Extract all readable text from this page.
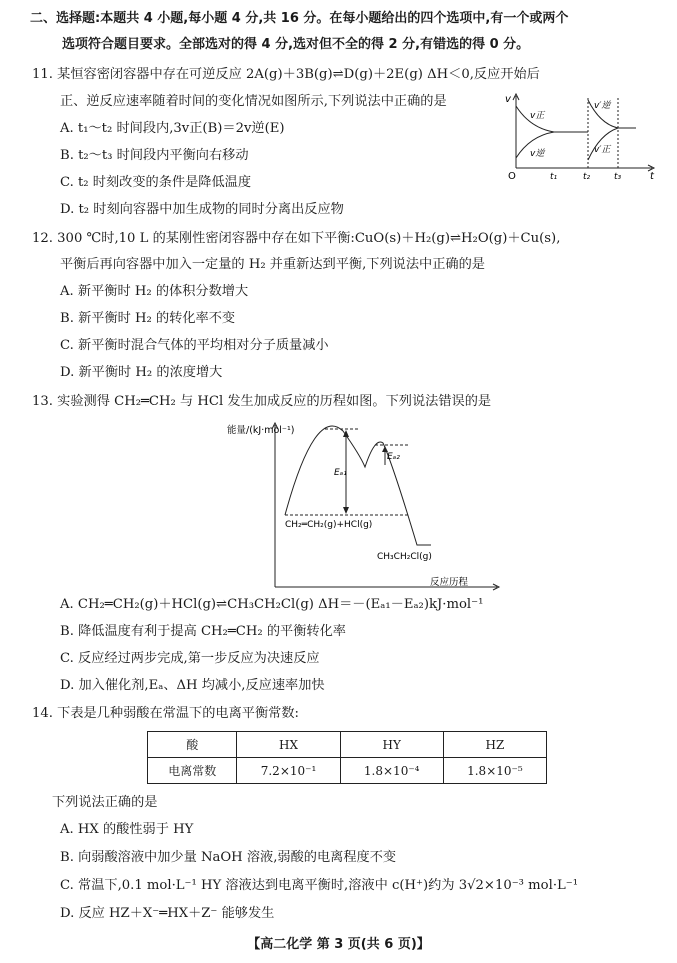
二、选择题:本题共 4 小题,每小题 4 分,共 16 分。在每小题给出的四个选项中,有一个或两个
选项符合题目要求。全部选对的得 4 分,选对但不全的得 2 分,有错选的得 0 分。
11. 某恒容密闭容器中存在可逆反应 2A(g)＋3B(g)⇌D(g)＋2E(g) ΔH＜0,反应开始后
正、逆反应速率随着时间的变化情况如图所示,下列说法中正确的是
A. t₁～t₂ 时间段内,3v正(B)＝2v逆(E)
B. t₂～t₃ 时间段内平衡向右移动
C. t₂ 时刻改变的条件是降低温度
D. t₂ 时刻向容器中加生成物的同时分离出反应物
v
O	t
v正
v逆
v′逆
v′正
t₁	t₂	t₃
12. 300 ℃时,10 L 的某刚性密闭容器中存在如下平衡:CuO(s)＋H₂(g)⇌H₂O(g)＋Cu(s),
平衡后再向容器中加入一定量的 H₂ 并重新达到平衡,下列说法中正确的是
A. 新平衡时 H₂ 的体积分数增大
B. 新平衡时 H₂ 的转化率不变
C. 新平衡时混合气体的平均相对分子质量减小
D. 新平衡时 H₂ 的浓度增大
13. 实验测得 CH₂═CH₂ 与 HCl 发生加成反应的历程如图。下列说法错误的是
能量/(kJ·mol⁻¹)
反应历程
Eₐ₁
Eₐ₂
CH₂═CH₂(g)+HCl(g)
CH₃CH₂Cl(g)
A. CH₂═CH₂(g)＋HCl(g)⇌CH₃CH₂Cl(g) ΔH＝－(Eₐ₁－Eₐ₂)kJ·mol⁻¹
B. 降低温度有利于提高 CH₂═CH₂ 的平衡转化率
C. 反应经过两步完成,第一步反应为决速反应
D. 加入催化剂,Eₐ、ΔH 均减小,反应速率加快
14. 下表是几种弱酸在常温下的电离平衡常数:
酸	HX	HY	HZ
电离常数	7.2×10⁻¹	1.8×10⁻⁴	1.8×10⁻⁵
下列说法正确的是
A. HX 的酸性弱于 HY
B. 向弱酸溶液中加少量 NaOH 溶液,弱酸的电离程度不变
C. 常温下,0.1 mol·L⁻¹ HY 溶液达到电离平衡时,溶液中 c(H⁺)约为 3√2×10⁻³ mol·L⁻¹
D. 反应 HZ＋X⁻═HX＋Z⁻ 能够发生
【高二化学 第 3 页(共 6 页)】
